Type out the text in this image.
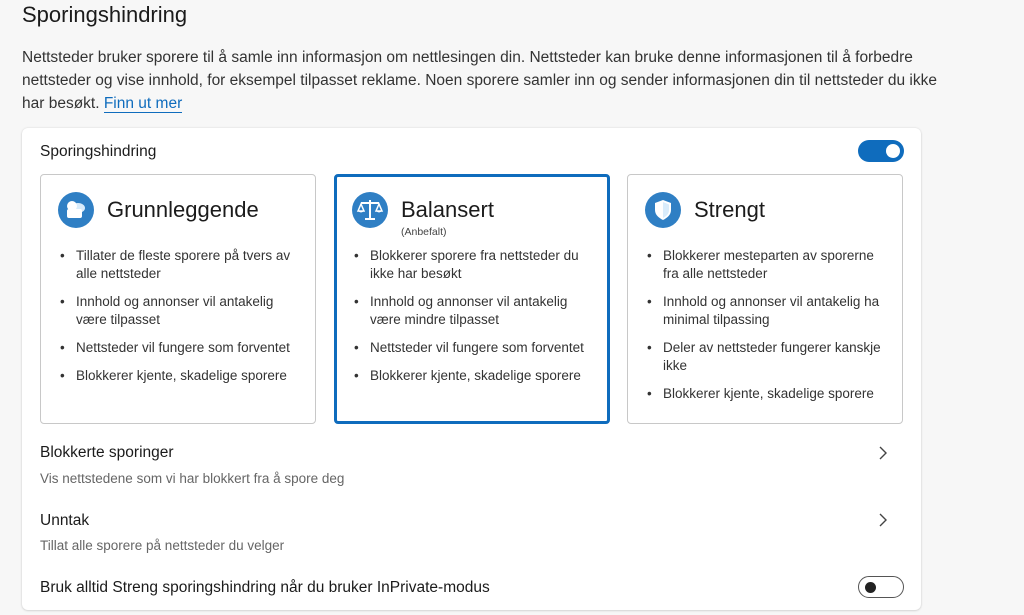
Sporingshindring

Nettsteder bruker sporere til å samle inn informasjon om nettlesingen din. Nettsteder kan bruke denne informasjonen til å forbedre nettsteder og vise innhold, for eksempel tilpasset reklame. Noen sporere samler inn og sender informasjonen din til nettsteder du ikke har besøkt. Finn ut mer

Sporingshindring
Grunnleggende
• Tillater de fleste sporere på tvers av alle nettsteder
• Innhold og annonser vil antakelig være tilpasset
• Nettsteder vil fungere som forventet
• Blokkerer kjente, skadelige sporere
Balansert
(Anbefalt)
• Blokkerer sporere fra nettsteder du ikke har besøkt
• Innhold og annonser vil antakelig være mindre tilpasset
• Nettsteder vil fungere som forventet
• Blokkerer kjente, skadelige sporere
Strengt
• Blokkerer mesteparten av sporerne fra alle nettsteder
• Innhold og annonser vil antakelig ha minimal tilpassing
• Deler av nettsteder fungerer kanskje ikke
• Blokkerer kjente, skadelige sporere
Blokkerte sporinger
Vis nettstedene som vi har blokkert fra å spore deg
Unntak
Tillat alle sporere på nettsteder du velger
Bruk alltid Streng sporingshindring når du bruker InPrivate-modus
